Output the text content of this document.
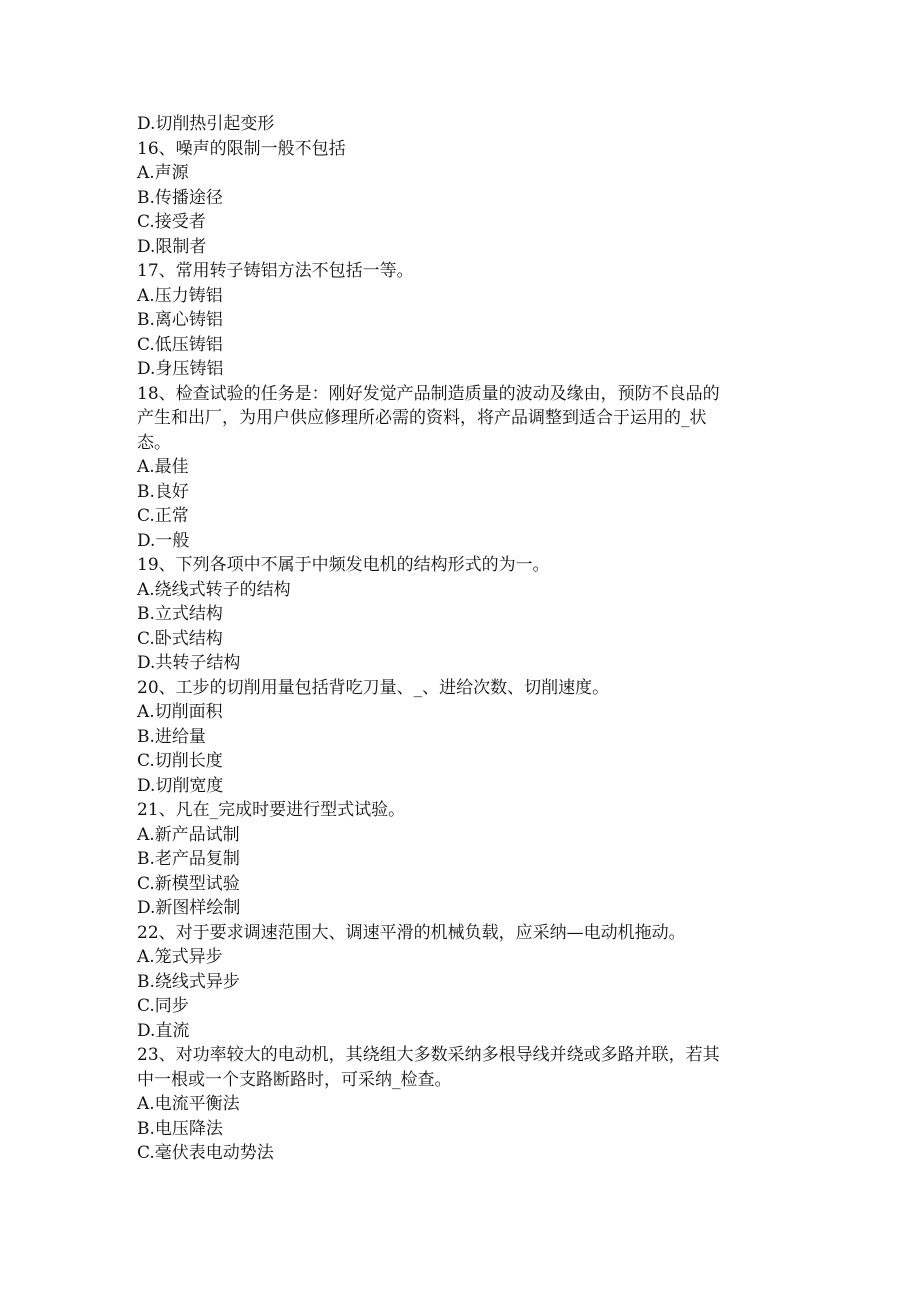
D.切削热引起变形
16、噪声的限制一般不包括
A.声源
B.传播途径
C.接受者
D.限制者
17、常用转子铸铝方法不包括一等。
A.压力铸铝
B.离心铸铝
C.低压铸铝
D.身压铸铝
18、检查试验的任务是：刚好发觉产品制造质量的波动及缘由，预防不良品的
产生和出厂，为用户供应修理所必需的资料，将产品调整到适合于运用的_状
态。
A.最佳
B.良好
C.正常
D.一般
19、下列各项中不属于中频发电机的结构形式的为一。
A.绕线式转子的结构
B.立式结构
C.卧式结构
D.共转子结构
20、工步的切削用量包括背吃刀量、_、进给次数、切削速度。
A.切削面积
B.进给量
C.切削长度
D.切削宽度
21、凡在_完成时要进行型式试验。
A.新产品试制
B.老产品复制
C.新模型试验
D.新图样绘制
22、对于要求调速范围大、调速平滑的机械负载，应采纳—电动机拖动。
A.笼式异步
B.绕线式异步
C.同步
D.直流
23、对功率较大的电动机，其绕组大多数采纳多根导线并绕或多路并联，若其
中一根或一个支路断路时，可采纳_检查。
A.电流平衡法
B.电压降法
C.毫伏表电动势法
